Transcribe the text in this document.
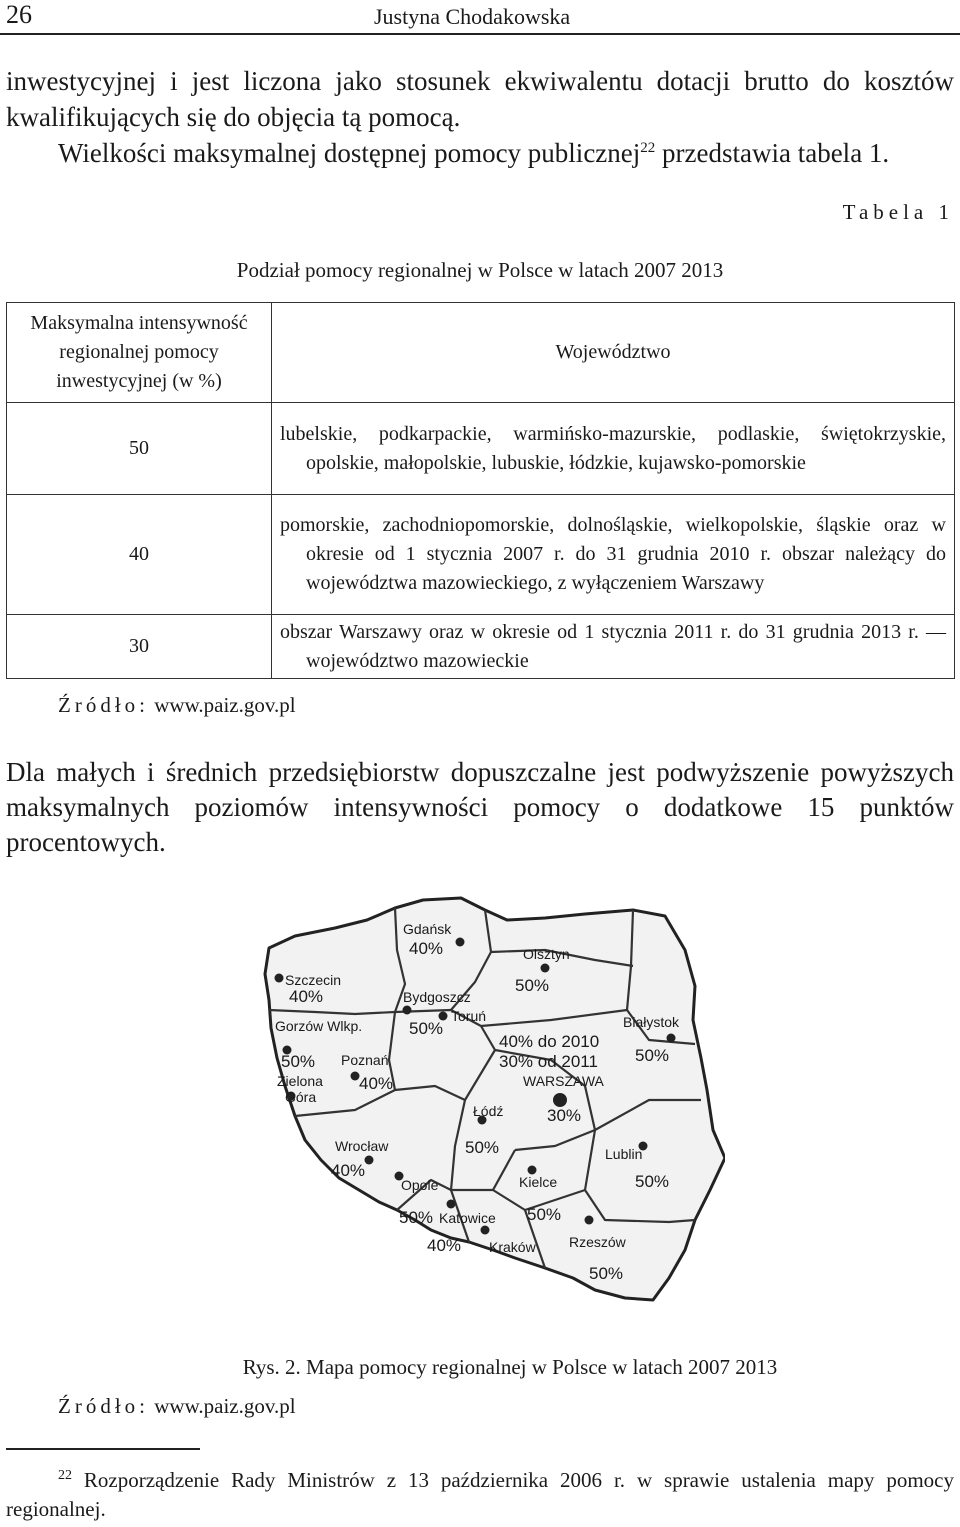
26	Justyna Chodakowska

inwestycyjnej i jest liczona jako stosunek ekwiwalentu dotacji brutto do kosztów kwalifikujących się do objęcia tą pomocą.

Wielkości maksymalnej dostępnej pomocy publicznej$^{22}$ przedstawia tabela 1.

Tabela 1
Podział pomocy regionalnej w Polsce w latach 2007 2013
Maksymalna intensywność regionalnej pomocy inwestycyjnej (w %)	Województwo
50	lubelskie, podkarpackie, warmińsko-mazurskie, podlaskie, świętokrzyskie, opolskie, małopolskie, lubuskie, łódzkie, kujawsko-pomorskie

40	pomorskie, zachodniopomorskie, dolnośląskie, wielkopolskie, śląskie oraz w okresie od 1 stycznia 2007 r. do 31 grudnia 2010 r. obszar należący do województwa mazowieckiego, z wyłączeniem Warszawy

30	obszar Warszawy oraz w okresie od 1 stycznia 2011 r. do 31 grudnia 2013 r. — województwo mazowieckie
Źródło: www.paiz.gov.pl

Dla małych i średnich przedsiębiorstw dopuszczalne jest podwyższenie powyższych maksymalnych poziomów intensywności pomocy o dodatkowe 15 punktów procentowych.

Gdańsk
40%	Olsztyn
50%
Szczecin
40%	Bydgoszcz
Toruń
50%	Białystok
50%
Gorzów Wlkp.
50% Poznań
40%
Zielona Góra
WARSZAWA
30%
40% do 2010
30% od 2011
Łódź
50%
Wrocław
40%
Lublin
50%
Opole
50%
Kielce
50%
Katowice
40% Kraków Rzeszów
50%
Rys. 2. Mapa pomocy regionalnej w Polsce w latach 2007 2013
Źródło: www.paiz.gov.pl

$^{22}$ Rozporządzenie Rady Ministrów z 13 października 2006 r. w sprawie ustalenia mapy pomocy regionalnej.
